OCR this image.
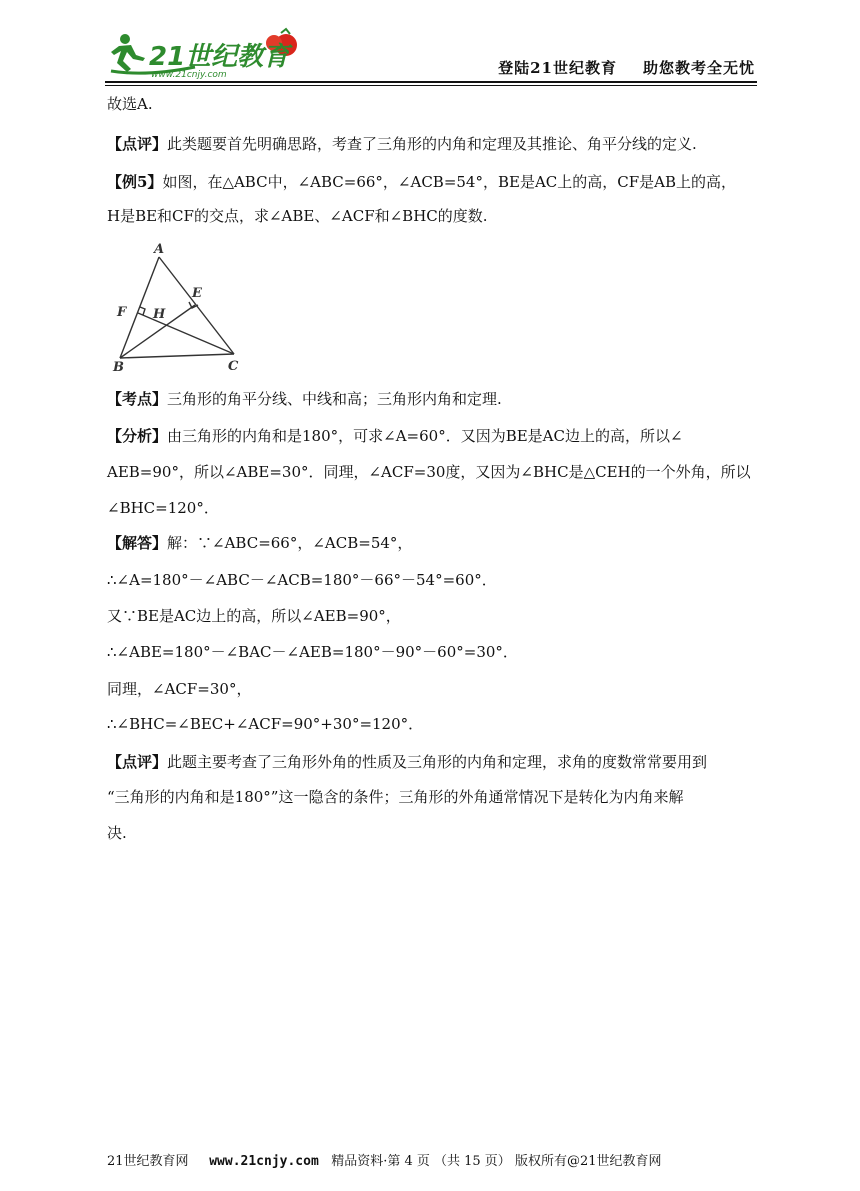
21世纪教育
www.21cnjy.com	登陆21世纪教育 助您教考全无忧
故选A.
【点评】此类题要首先明确思路，考查了三角形的内角和定理及其推论、角平分线的定义.
【例5】如图，在△ABC中，∠ABC=66°，∠ACB=54°，BE是AC上的高，CF是AB上的高，
H是BE和CF的交点，求∠ABE、∠ACF和∠BHC的度数.
【考点】三角形的角平分线、中线和高；三角形内角和定理.
【分析】由三角形的内角和是180°，可求∠A=60°．又因为BE是AC边上的高，所以∠
AEB=90°，所以∠ABE=30°．同理，∠ACF=30度，又因为∠BHC是△CEH的一个外角，所以
∠BHC=120°．
【解答】解：∵∠ABC=66°，∠ACB=54°，
∴∠A=180°－∠ABC－∠ACB=180°－66°－54°=60°．
又∵BE是AC边上的高，所以∠AEB=90°，
∴∠ABE=180°－∠BAC－∠AEB=180°－90°－60°=30°．
同理，∠ACF=30°，
∴∠BHC=∠BEC+∠ACF=90°+30°=120°．
【点评】此题主要考查了三角形外角的性质及三角形的内角和定理，求角的度数常常要用到
“三角形的内角和是180°”这一隐含的条件；三角形的外角通常情况下是转化为内角来解
决.
A
B	C
E
F H
21世纪教育网 www.21cnjy.com 精品资料·第 4 页 （共 15 页） 版权所有@21世纪教育网
